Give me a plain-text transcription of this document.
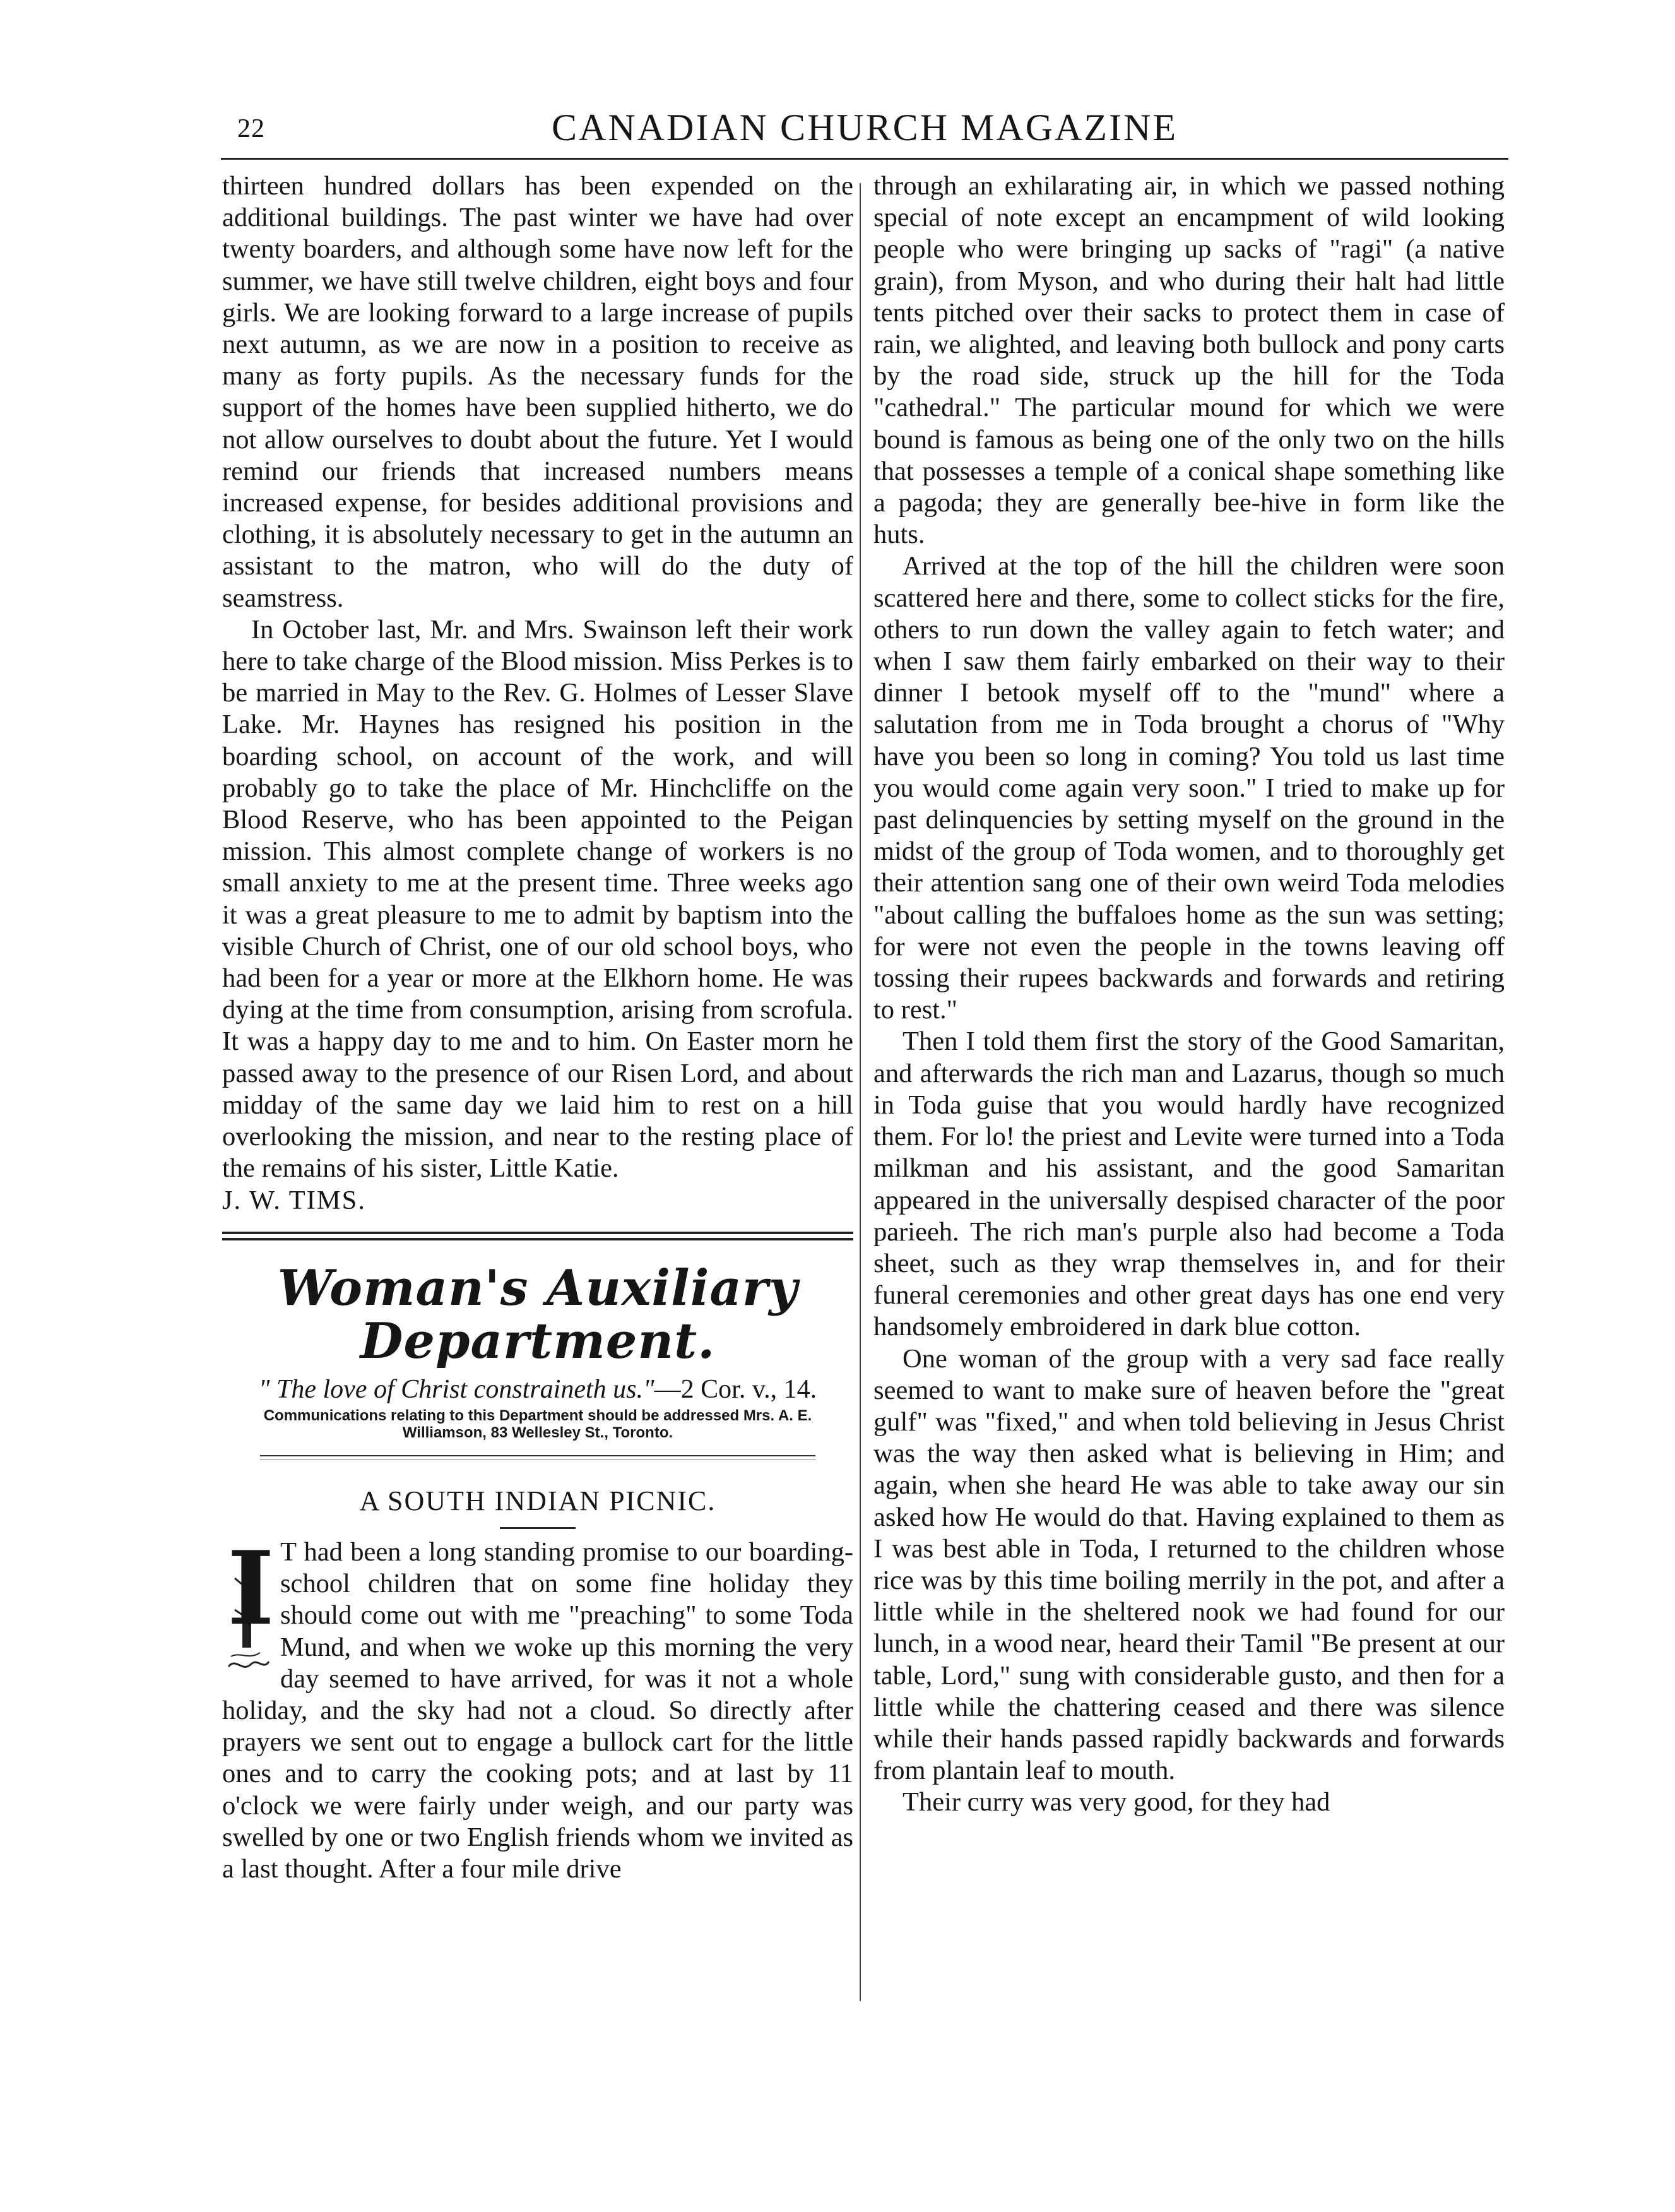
22	CANADIAN CHURCH MAGAZINE

thirteen hundred dollars has been expended on the additional buildings. The past winter we have had over twenty boarders, and although some have now left for the summer, we have still twelve children, eight boys and four girls. We are looking forward to a large increase of pupils next autumn, as we are now in a position to receive as many as forty pupils. As the necessary funds for the support of the homes have been supplied hitherto, we do not allow ourselves to doubt about the future. Yet I would remind our friends that increased numbers means increased expense, for besides additional provisions and clothing, it is absolutely necessary to get in the autumn an assistant to the matron, who will do the duty of seamstress.

In October last, Mr. and Mrs. Swainson left their work here to take charge of the Blood mission. Miss Perkes is to be married in May to the Rev. G. Holmes of Lesser Slave Lake. Mr. Haynes has resigned his position in the boarding school, on account of the work, and will probably go to take the place of Mr. Hinchcliffe on the Blood Reserve, who has been appointed to the Peigan mission. This almost complete change of workers is no small anxiety to me at the present time. Three weeks ago it was a great pleasure to me to admit by baptism into the visible Church of Christ, one of our old school boys, who had been for a year or more at the Elkhorn home. He was dying at the time from consumption, arising from scrofula. It was a happy day to me and to him. On Easter morn he passed away to the presence of our Risen Lord, and about midday of the same day we laid him to rest on a hill overlooking the mission, and near to the resting place of the remains of his sister, Little Katie.

J. W. TIMS.

Woman's Auxiliary Department.
" The love of Christ constraineth us."—2 Cor. v., 14.
Communications relating to this Department should be addressed Mrs. A. E. Williamson, 83 Wellesley St., Toronto.
A SOUTH INDIAN PICNIC.
I T had been a long standing promise to our boarding-school children that on some fine holiday they should come out with me "preaching" to some Toda Mund, and when we woke up this morning the very day seemed to have arrived, for was it not a whole holiday, and the sky had not a cloud. So directly after prayers we sent out to engage a bullock cart for the little ones and to carry the cooking pots; and at last by 11 o'clock we were fairly under weigh, and our party was swelled by one or two English friends whom we invited as a last thought. After a four mile drive

through an exhilarating air, in which we passed nothing special of note except an encampment of wild looking people who were bringing up sacks of "ragi" (a native grain), from Myson, and who during their halt had little tents pitched over their sacks to protect them in case of rain, we alighted, and leaving both bullock and pony carts by the road side, struck up the hill for the Toda "cathedral." The particular mound for which we were bound is famous as being one of the only two on the hills that possesses a temple of a conical shape something like a pagoda; they are generally bee-hive in form like the huts.

Arrived at the top of the hill the children were soon scattered here and there, some to collect sticks for the fire, others to run down the valley again to fetch water; and when I saw them fairly embarked on their way to their dinner I betook myself off to the "mund" where a salutation from me in Toda brought a chorus of "Why have you been so long in coming? You told us last time you would come again very soon." I tried to make up for past delinquencies by setting myself on the ground in the midst of the group of Toda women, and to thoroughly get their attention sang one of their own weird Toda melodies "about calling the buffaloes home as the sun was setting; for were not even the people in the towns leaving off tossing their rupees backwards and forwards and retiring to rest."

Then I told them first the story of the Good Samaritan, and afterwards the rich man and Lazarus, though so much in Toda guise that you would hardly have recognized them. For lo! the priest and Levite were turned into a Toda milkman and his assistant, and the good Samaritan appeared in the universally despised character of the poor parieeh. The rich man's purple also had become a Toda sheet, such as they wrap themselves in, and for their funeral ceremonies and other great days has one end very handsomely embroidered in dark blue cotton.

One woman of the group with a very sad face really seemed to want to make sure of heaven before the "great gulf" was "fixed," and when told believing in Jesus Christ was the way then asked what is believing in Him; and again, when she heard He was able to take away our sin asked how He would do that. Having explained to them as I was best able in Toda, I returned to the children whose rice was by this time boiling merrily in the pot, and after a little while in the sheltered nook we had found for our lunch, in a wood near, heard their Tamil "Be present at our table, Lord," sung with considerable gusto, and then for a little while the chattering ceased and there was silence while their hands passed rapidly backwards and forwards from plantain leaf to mouth.

Their curry was very good, for they had
